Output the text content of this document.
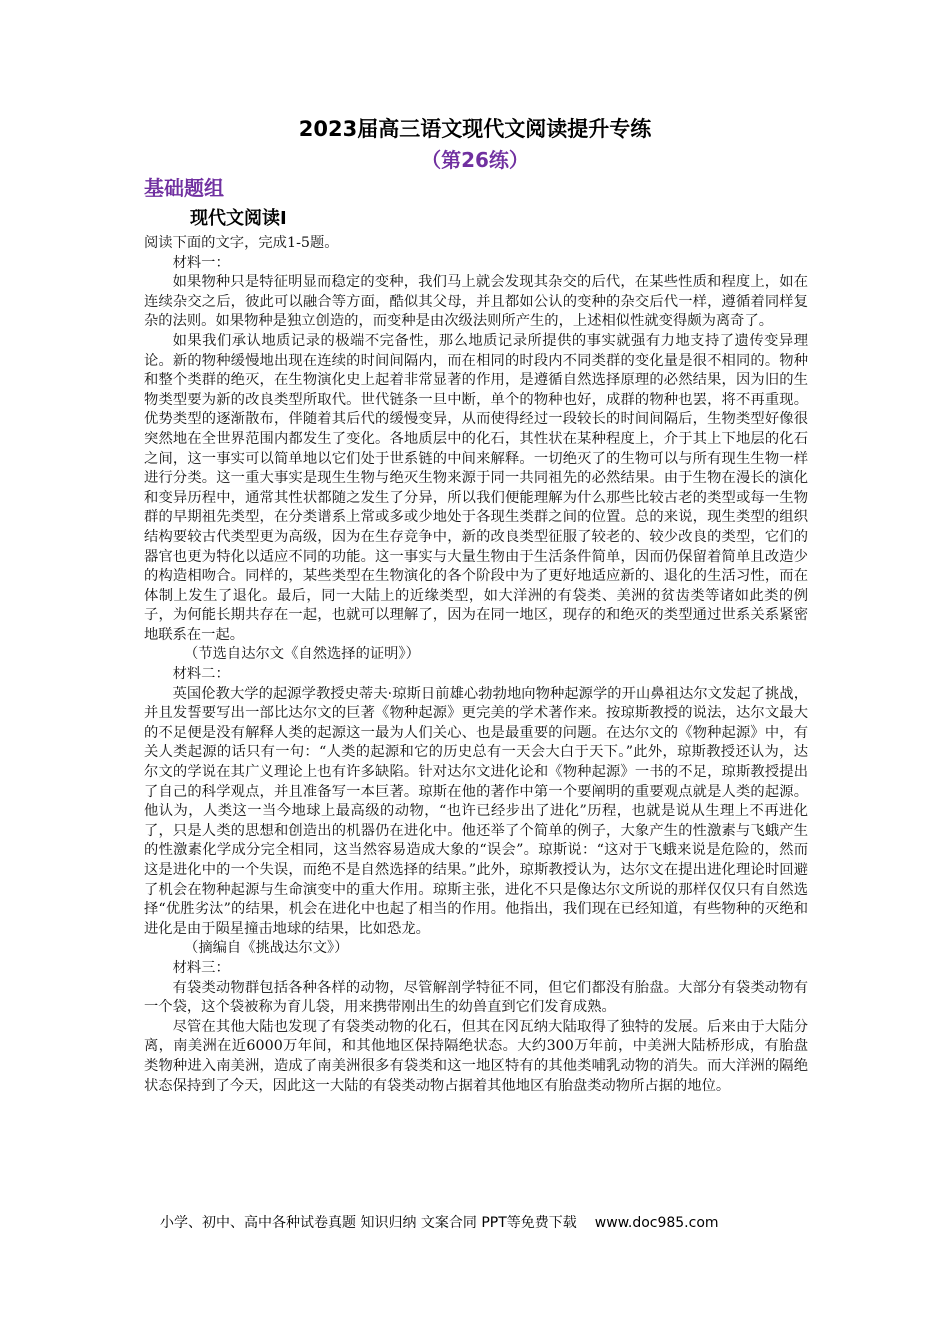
2023届高三语文现代文阅读提升专练
（第26练）
基础题组
现代文阅读Ⅰ

阅读下面的文字，完成1-5题。

材料一：

如果物种只是特征明显而稳定的变种，我们马上就会发现其杂交的后代，在某些性质和程度上，如在连续杂交之后，彼此可以融合等方面，酷似其父母，并且都如公认的变种的杂交后代一样，遵循着同样复杂的法则。如果物种是独立创造的，而变种是由次级法则所产生的，上述相似性就变得颇为离奇了。

如果我们承认地质记录的极端不完备性，那么地质记录所提供的事实就强有力地支持了遗传变异理论。新的物种缓慢地出现在连续的时间间隔内，而在相同的时段内不同类群的变化量是很不相同的。物种和整个类群的绝灭，在生物演化史上起着非常显著的作用，是遵循自然选择原理的必然结果，因为旧的生物类型要为新的改良类型所取代。世代链条一旦中断，单个的物种也好，成群的物种也罢，将不再重现。优势类型的逐渐散布，伴随着其后代的缓慢变异，从而使得经过一段较长的时间间隔后，生物类型好像很突然地在全世界范围内都发生了变化。各地质层中的化石，其性状在某种程度上，介于其上下地层的化石之间，这一事实可以简单地以它们处于世系链的中间来解释。一切绝灭了的生物可以与所有现生生物一样进行分类。这一重大事实是现生生物与绝灭生物来源于同一共同祖先的必然结果。由于生物在漫长的演化和变异历程中，通常其性状都随之发生了分异，所以我们便能理解为什么那些比较古老的类型或每一生物群的早期祖先类型，在分类谱系上常或多或少地处于各现生类群之间的位置。总的来说，现生类型的组织结构要较古代类型更为高级，因为在生存竞争中，新的改良类型征服了较老的、较少改良的类型，它们的器官也更为特化以适应不同的功能。这一事实与大量生物由于生活条件简单，因而仍保留着简单且改造少的构造相吻合。同样的，某些类型在生物演化的各个阶段中为了更好地适应新的、退化的生活习性，而在体制上发生了退化。最后，同一大陆上的近缘类型，如大洋洲的有袋类、美洲的贫齿类等诸如此类的例子，为何能长期共存在一起，也就可以理解了，因为在同一地区，现存的和绝灭的类型通过世系关系紧密地联系在一起。

（节选自达尔文《自然选择的证明》）

材料二：

英国伦教大学的起源学教授史蒂夫·琼斯日前雄心勃勃地向物种起源学的开山鼻祖达尔文发起了挑战，并且发誓要写出一部比达尔文的巨著《物种起源》更完美的学术著作来。按琼斯教授的说法，达尔文最大的不足便是没有解释人类的起源这一最为人们关心、也是最重要的问题。在达尔文的《物种起源》中，有关人类起源的话只有一句：“人类的起源和它的历史总有一天会大白于天下。”此外，琼斯教授还认为，达尔文的学说在其广义理论上也有许多缺陷。针对达尔文进化论和《物种起源》一书的不足，琼斯教授提出了自己的科学观点，并且准备写一本巨著。琼斯在他的著作中第一个要阐明的重要观点就是人类的起源。他认为，人类这一当今地球上最高级的动物，“也许已经步出了进化”历程，也就是说从生理上不再进化了，只是人类的思想和创造出的机器仍在进化中。他还举了个简单的例子，大象产生的性激素与飞蛾产生的性激素化学成分完全相同，这当然容易造成大象的“误会”。琼斯说：“这对于飞蛾来说是危险的，然而这是进化中的一个失误，而绝不是自然选择的结果。”此外，琼斯教授认为，达尔文在提出进化理论时回避了机会在物种起源与生命演变中的重大作用。琼斯主张，进化不只是像达尔文所说的那样仅仅只有自然选择“优胜劣汰”的结果，机会在进化中也起了相当的作用。他指出，我们现在已经知道，有些物种的灭绝和进化是由于陨星撞击地球的结果，比如恐龙。

（摘编自《挑战达尔文》）

材料三：

有袋类动物群包括各种各样的动物，尽管解剖学特征不同，但它们都没有胎盘。大部分有袋类动物有一个袋，这个袋被称为育儿袋，用来携带刚出生的幼兽直到它们发育成熟。

尽管在其他大陆也发现了有袋类动物的化石，但其在冈瓦纳大陆取得了独特的发展。后来由于大陆分离，南美洲在近6000万年间，和其他地区保持隔绝状态。大约300万年前，中美洲大陆桥形成，有胎盘类物种进入南美洲，造成了南美洲很多有袋类和这一地区特有的其他类哺乳动物的消失。而大洋洲的隔绝状态保持到了今天，因此这一大陆的有袋类动物占据着其他地区有胎盘类动物所占据的地位。

小学、初中、高中各种试卷真题 知识归纳 文案合同 PPT等免费下载 www.doc985.com
